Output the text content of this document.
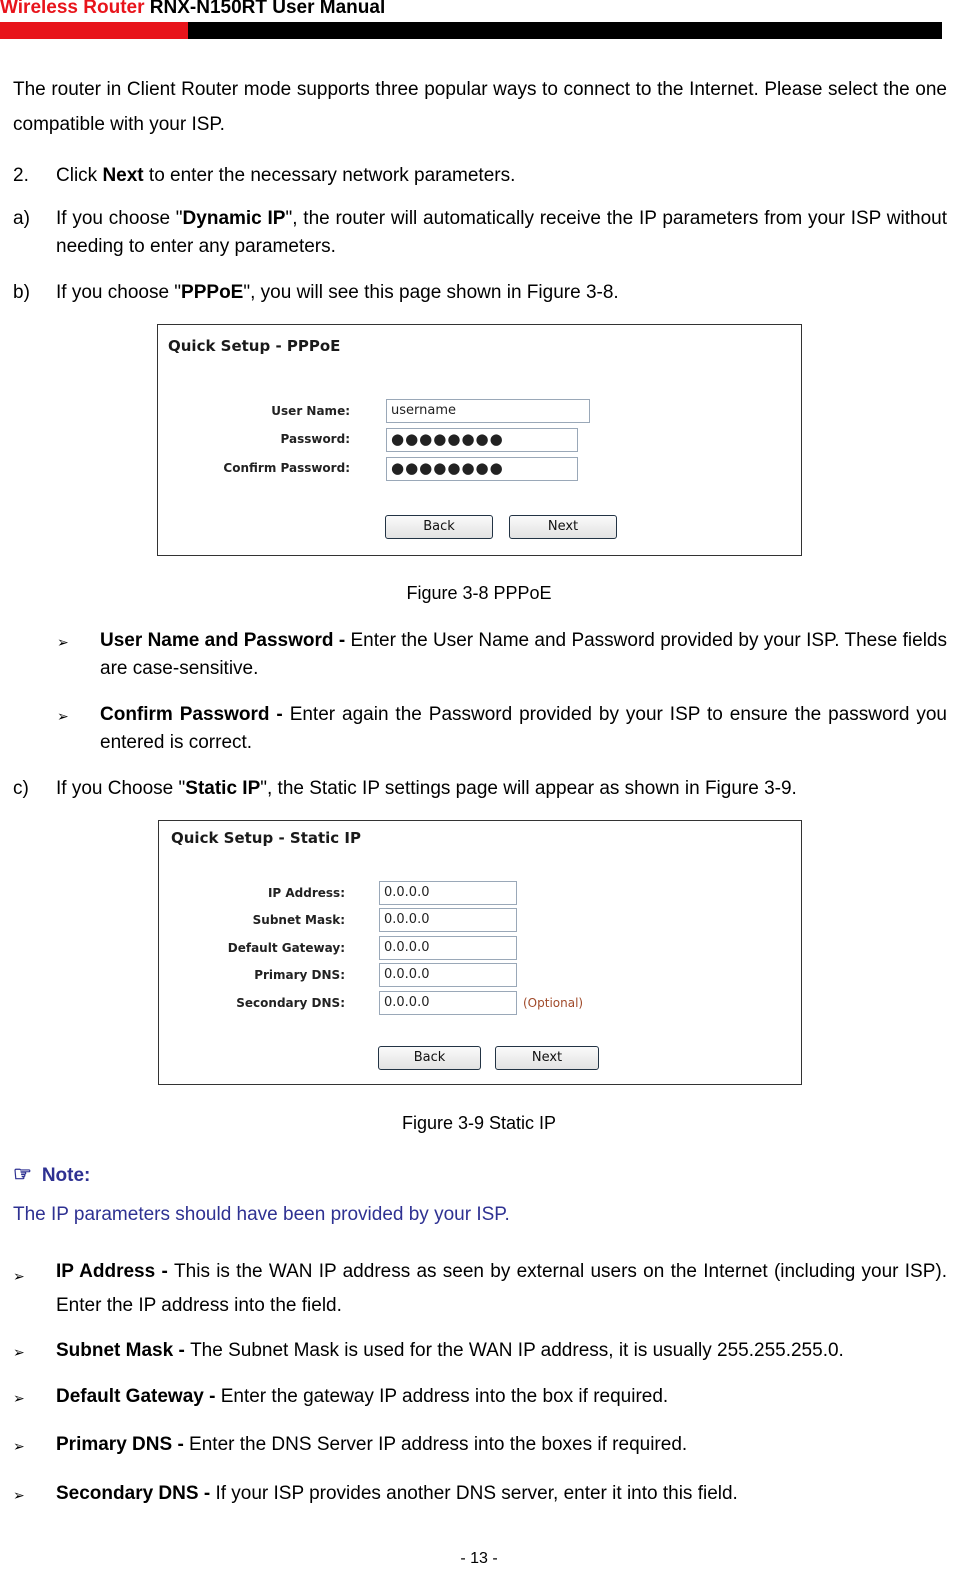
Wireless Router RNX-N150RT User Manual
The router in Client Router mode supports three popular ways to connect to the Internet. Please select the one compatible with your ISP.
2. Click Next to enter the necessary network parameters.
a) If you choose "Dynamic IP", the router will automatically receive the IP parameters from your ISP without needing to enter any parameters.
b) If you choose "PPPoE", you will see this page shown in Figure 3-8.
Quick Setup - PPPoE
User Name:	username
Password:	●●●●●●●●
Confirm Password:	●●●●●●●●
Back	Next
Figure 3-8 PPPoE
➢ User Name and Password - Enter the User Name and Password provided by your ISP. These fields are case-sensitive.
➢ Confirm Password - Enter again the Password provided by your ISP to ensure the password you entered is correct.
c) If you Choose "Static IP", the Static IP settings page will appear as shown in Figure 3-9.
Quick Setup - Static IP
IP Address:	0.0.0.0
Subnet Mask:	0.0.0.0
Default Gateway:	0.0.0.0
Primary DNS:	0.0.0.0
Secondary DNS:	0.0.0.0	(Optional)
Back	Next
Figure 3-9 Static IP
☞ Note:
The IP parameters should have been provided by your ISP.
➢ IP Address - This is the WAN IP address as seen by external users on the Internet (including your ISP). Enter the IP address into the field.
➢ Subnet Mask - The Subnet Mask is used for the WAN IP address, it is usually 255.255.255.0.
➢ Default Gateway - Enter the gateway IP address into the box if required.
➢ Primary DNS - Enter the DNS Server IP address into the boxes if required.
➢ Secondary DNS - If your ISP provides another DNS server, enter it into this field.
- 13 -
